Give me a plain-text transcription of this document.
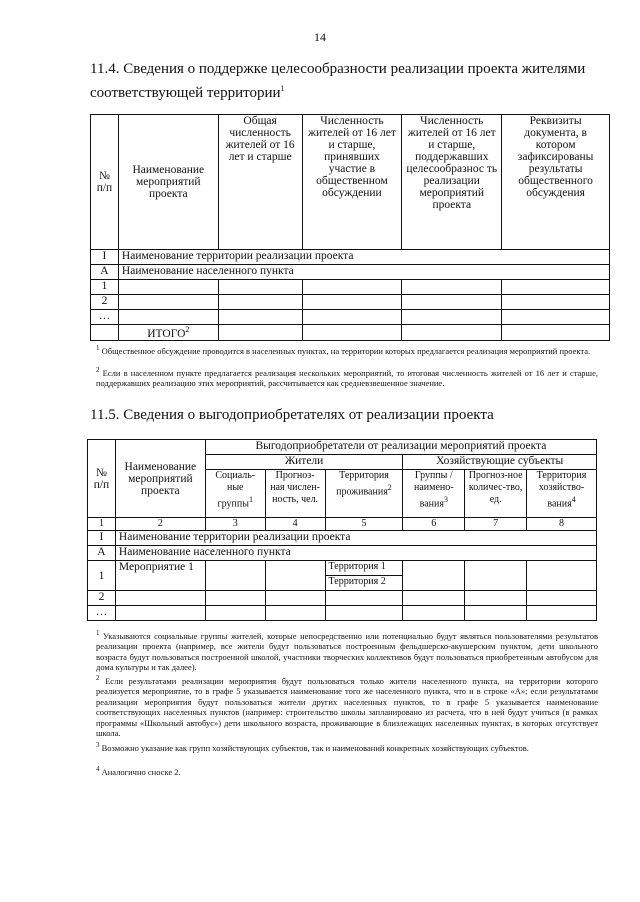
14
11.4. Сведения о поддержке целесообразности реализации проекта жителями соответствующей территории$^1$
№ п/п	Наименование мероприятий проекта	Общая численность жителей от 16 лет и старше	Численность жителей от 16 лет и старше, принявших участие в общественном обсуждении	Численность жителей от 16 лет и старше, поддержавших целесообразнос ть реализации мероприятий проекта	Реквизиты документа, в котором зафиксированы результаты общественного обсуждения
I	Наименование территории реализации проекта				
А	Наименование населенного пункта				
1					
2					
…					
	ИТОГО$^2$				
$^1$ Общественное обсуждение проводится в населенных пунктах, на территории которых предлагается реализация мероприятий проекта.
$^2$ Если в населенном пункте предлагается реализация нескольких мероприятий, то итоговая численность жителей от 16 лет и старше, поддержавших реализацию этих мероприятий, рассчитывается как средневзвешенное значение.
11.5. Сведения о выгодоприобретателях от реализации проекта
№ п/п	Наименование мероприятий проекта	Выгодоприобретатели от реализации мероприятий проекта					
		Жители			Хозяйствующие субъекты		
		Социаль-ные группы$^1$	Прогноз-ная числен-ность, чел.	Территория проживания$^2$	Группы / наимено-вания$^3$	Прогноз-ное количес-тво, ед.	Территория хозяйство-вания$^4$
1	2	3	4	5	6	7	8
I	Наименование территории реализации проекта						
А	Наименование населенного пункта						
1	Мероприятие 1			Территория 1			
				Территория 2			
2							
…							
$^1$ Указываются социальные группы жителей, которые непосредственно или потенциально будут являться пользователями результатов реализации проекта (например, все жители будут пользоваться построенным фельдшерско-акушерским пунктом, дети школьного возраста будут пользоваться построенной школой, участники творческих коллективов будут пользоваться приобретенным автобусом для дома культуры и так далее).
$^2$ Если результатами реализации мероприятия будут пользоваться только жители населенного пункта, на территории которого реализуется мероприятие, то в графе 5 указывается наименование того же населенного пункта, что и в строке «А»; если результатами реализации мероприятия будут пользоваться жители других населенных пунктов, то в графе 5 указывается наименование соответствующих населенных пунктов (например: строительство школы запланировано из расчета, что в ней будут учиться (в рамках программы «Школьный автобус») дети школьного возраста, проживающие в близлежащих населенных пунктах, в которых отсутствует школа.
$^3$ Возможно указание как групп хозяйствующих субъектов, так и наименований конкретных хозяйствующих субъектов.
$^4$ Аналогично сноске 2.
